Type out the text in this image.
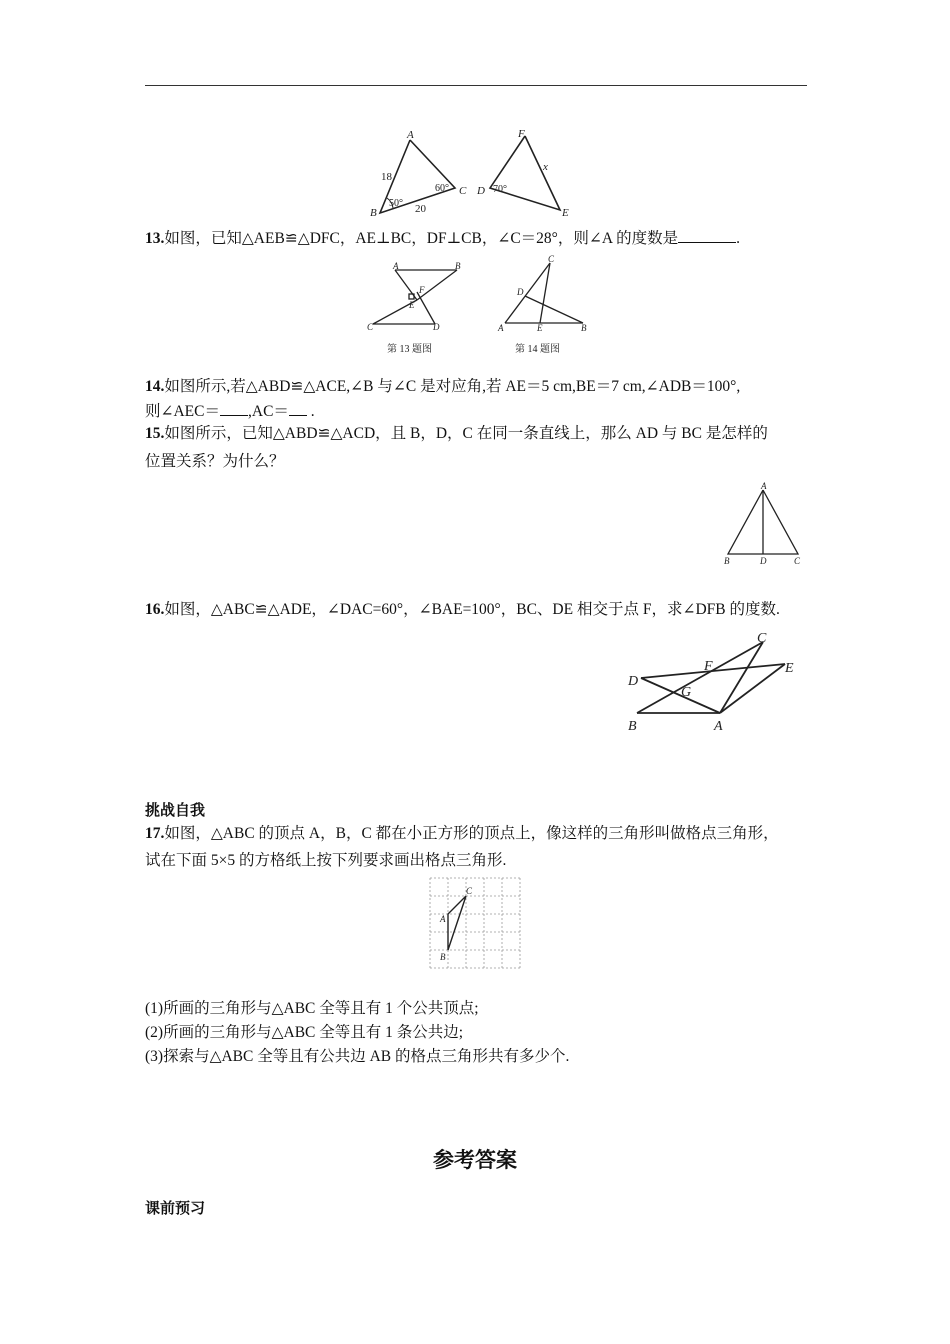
A
B
C
18
20
50°
60°
F
D
E
x
70°
13.如图，已知△AEB≌△DFC，AE⊥BC，DF⊥CB，∠C＝28°，则∠A 的度数是	.
A	B
F
E
C	D
第 13 题图
C
D
A	E	B
第 14 题图
14.如图所示,若△ABD≌△ACE,∠B 与∠C 是对应角,若 AE＝5 cm,BE＝7 cm,∠ADB＝100°,
则∠AEC＝ ,AC＝ .
15.如图所示，已知△ABD≌△ACD，且 B，D，C 在同一条直线上，那么 AD 与 BC 是怎样的
位置关系？为什么？
A
B	D	C
16.如图，△ABC≌△ADE，∠DAC=60°，∠BAE=100°，BC、DE 相交于点 F，求∠DFB 的度数.
C
F	E
D
G
B	A
挑战自我
17.如图，△ABC 的顶点 A，B，C 都在小正方形的顶点上，像这样的三角形叫做格点三角形，
试在下面 5×5 的方格纸上按下列要求画出格点三角形.
C
A
B
(1)所画的三角形与△ABC 全等且有 1 个公共顶点;
(2)所画的三角形与△ABC 全等且有 1 条公共边;
(3)探索与△ABC 全等且有公共边 AB 的格点三角形共有多少个.
参考答案
课前预习
